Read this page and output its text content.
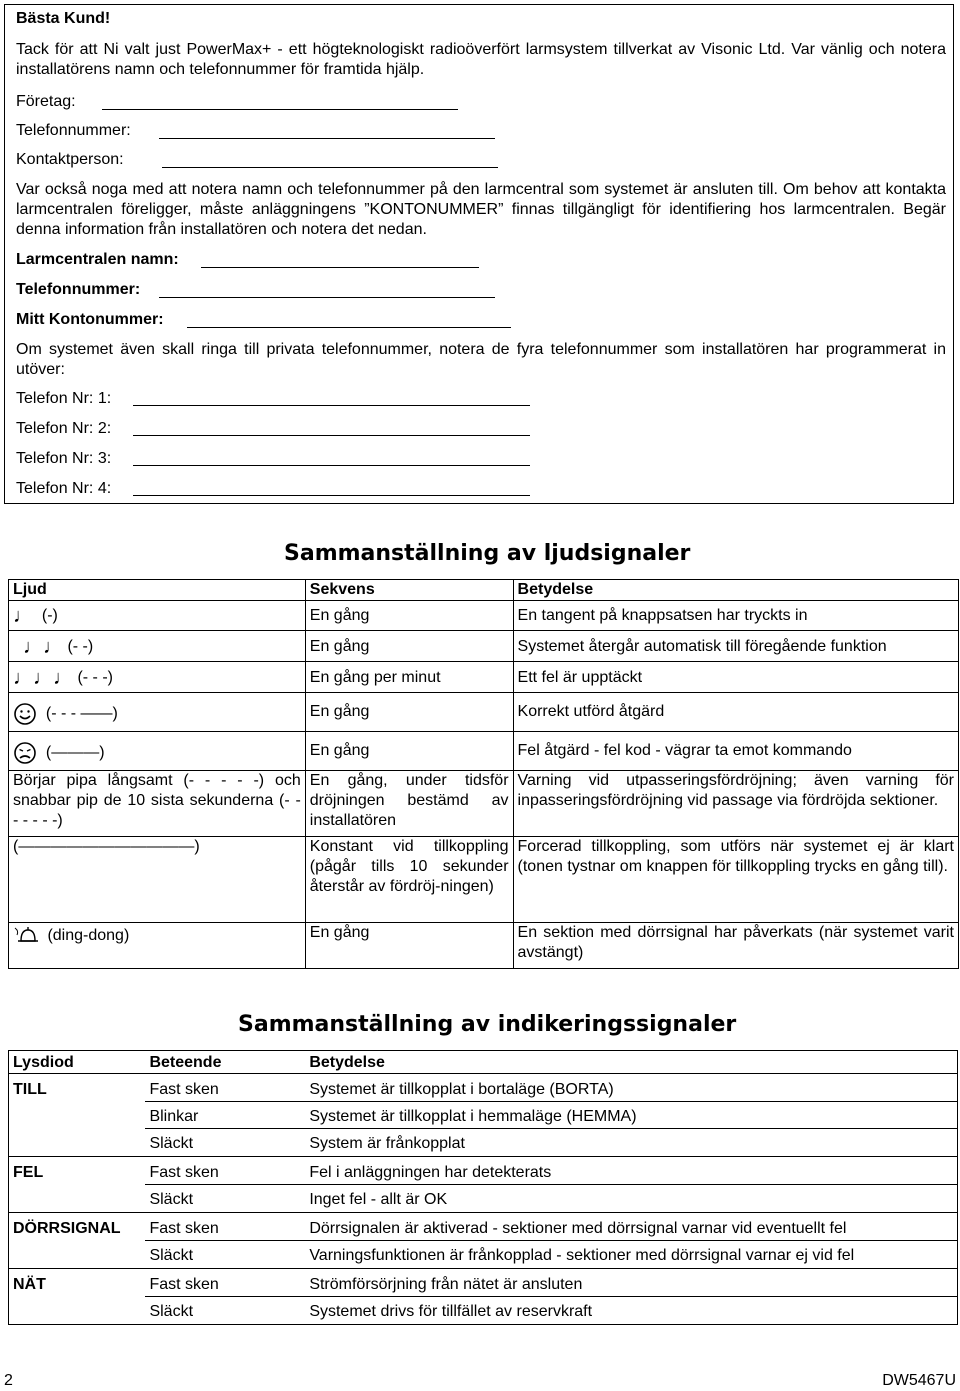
Bästa Kund!
Tack för att Ni valt just PowerMax+ - ett högteknologiskt radioöverfört larmsystem tillverkat av Visonic Ltd. Var vänlig och notera installatörens namn och telefonnummer för framtida hjälp.
Företag:
Telefonnummer:
Kontaktperson:
Var också noga med att notera namn och telefonnummer på den larmcentral som systemet är ansluten till. Om behov att kontakta larmcentralen föreligger, måste anläggningens ”KONTONUMMER” finnas tillgängligt för identifiering hos larmcentralen. Begär denna information från installatören och notera det nedan.
Larmcentralen namn:
Telefonnummer:
Mitt Kontonummer:
Om systemet även skall ringa till privata telefonnummer, notera de fyra telefonnummer som installatören har programmerat in utöver:
Telefon Nr: 1:
Telefon Nr: 2:
Telefon Nr: 3:
Telefon Nr: 4:
Sammanställning av ljudsignaler
Ljud	Sekvens	Betydelse
♩ (-)	En gång	En tangent på knappsatsen har tryckts in
♩♩ (- -)	En gång	Systemet återgår automatisk till föregående funktion
♩♩♩ (- - -)	En gång per minut	Ett fel är upptäckt
(- - - ——)	En gång	Korrekt utförd åtgärd
(———)	En gång	Fel åtgärd - fel kod - vägrar ta emot kommando
Börjar pipa långsamt (- - - - -) och snabbar pip de 10 sista sekunderna (- - - - - - -)	En gång, under tidsför dröjningen bestämd av installatören	Varning vid utpasseringsfördröjning; även varning för inpasseringsfördröjning vid passage via fördröjda sektioner.
(———————————)	Konstant vid tillkoppling (pågår tills 10 sekunder återstår av fördröj-ningen)	Forcerad tillkoppling, som utförs när systemet ej är klart (tonen tystnar om knappen för tillkoppling trycks en gång till).
(ding-dong)	En gång	En sektion med dörrsignal har påverkats (när systemet varit avstängt)
Sammanställning av indikeringssignaler
Lysdiod	Beteende	Betydelse
TILL	Fast sken	Systemet är tillkopplat i bortaläge (BORTA)
	Blinkar	Systemet är tillkopplat i hemmaläge (HEMMA)
	Släckt	System är frånkopplat
FEL	Fast sken	Fel i anläggningen har detekterats
	Släckt	Inget fel - allt är OK
DÖRRSIGNAL	Fast sken	Dörrsignalen är aktiverad - sektioner med dörrsignal varnar vid eventuellt fel
	Släckt	Varningsfunktionen är frånkopplad - sektioner med dörrsignal varnar ej vid fel
NÄT	Fast sken	Strömförsörjning från nätet är ansluten
	Släckt	Systemet drivs för tillfället av reservkraft
2	DW5467U
